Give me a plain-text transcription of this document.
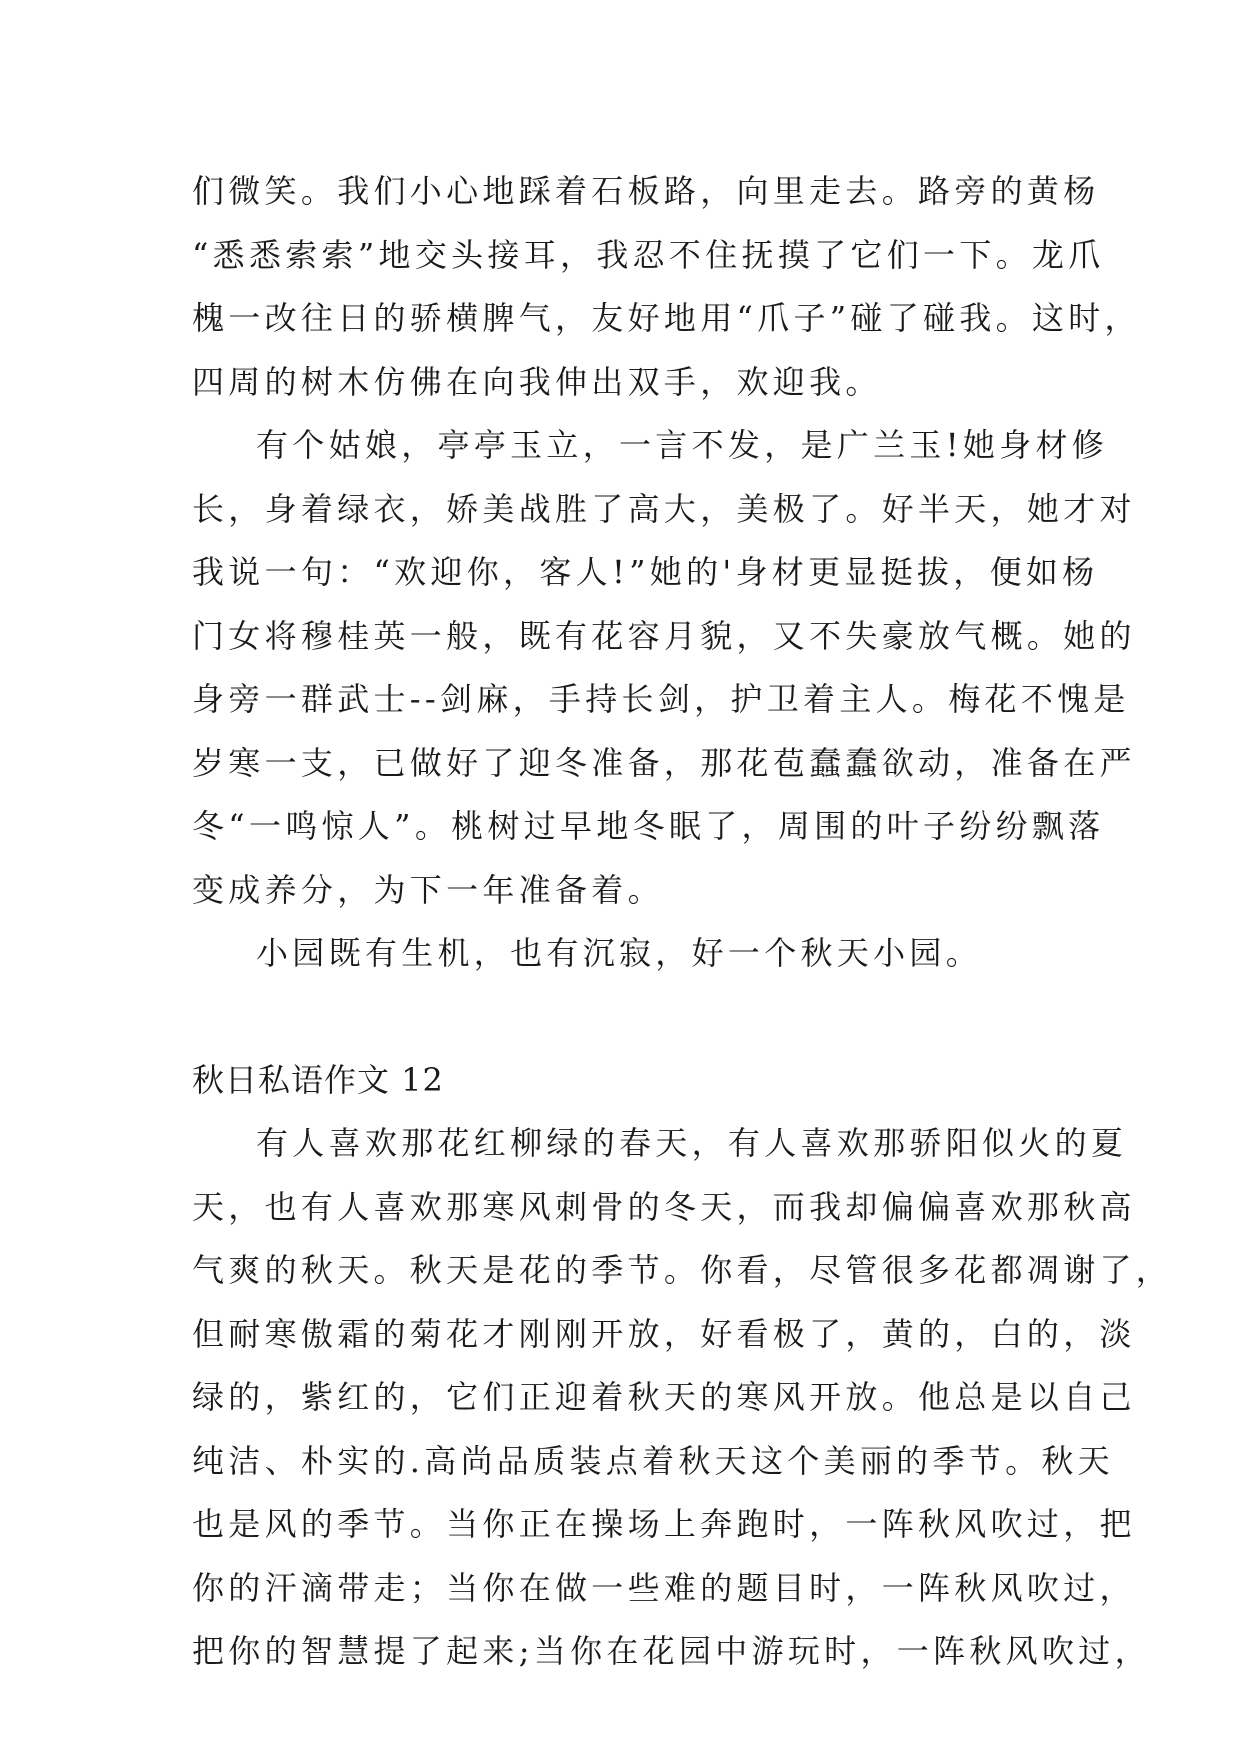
们微笑。我们小心地踩着石板路，向里走去。路旁的黄杨
“悉悉索索”地交头接耳，我忍不住抚摸了它们一下。龙爪
槐一改往日的骄横脾气，友好地用“爪子”碰了碰我。这时，
四周的树木仿佛在向我伸出双手，欢迎我。
有个姑娘，亭亭玉立，一言不发，是广兰玉!她身材修
长，身着绿衣，娇美战胜了高大，美极了。好半天，她才对
我说一句：“欢迎你，客人!”她的'身材更显挺拔，便如杨
门女将穆桂英一般，既有花容月貌，又不失豪放气概。她的
身旁一群武士--剑麻，手持长剑，护卫着主人。梅花不愧是
岁寒一支，已做好了迎冬准备，那花苞蠢蠢欲动，准备在严
冬“一鸣惊人”。桃树过早地冬眠了，周围的叶子纷纷飘落
变成养分，为下一年准备着。
小园既有生机，也有沉寂，好一个秋天小园。
秋日私语作文 12
有人喜欢那花红柳绿的春天，有人喜欢那骄阳似火的夏
天，也有人喜欢那寒风刺骨的冬天，而我却偏偏喜欢那秋高
气爽的秋天。秋天是花的季节。你看，尽管很多花都凋谢了，
但耐寒傲霜的菊花才刚刚开放，好看极了，黄的，白的，淡
绿的，紫红的，它们正迎着秋天的寒风开放。他总是以自己
纯洁、朴实的.高尚品质装点着秋天这个美丽的季节。秋天
也是风的季节。当你正在操场上奔跑时，一阵秋风吹过，把
你的汗滴带走；当你在做一些难的题目时，一阵秋风吹过，
把你的智慧提了起来;当你在花园中游玩时，一阵秋风吹过，
